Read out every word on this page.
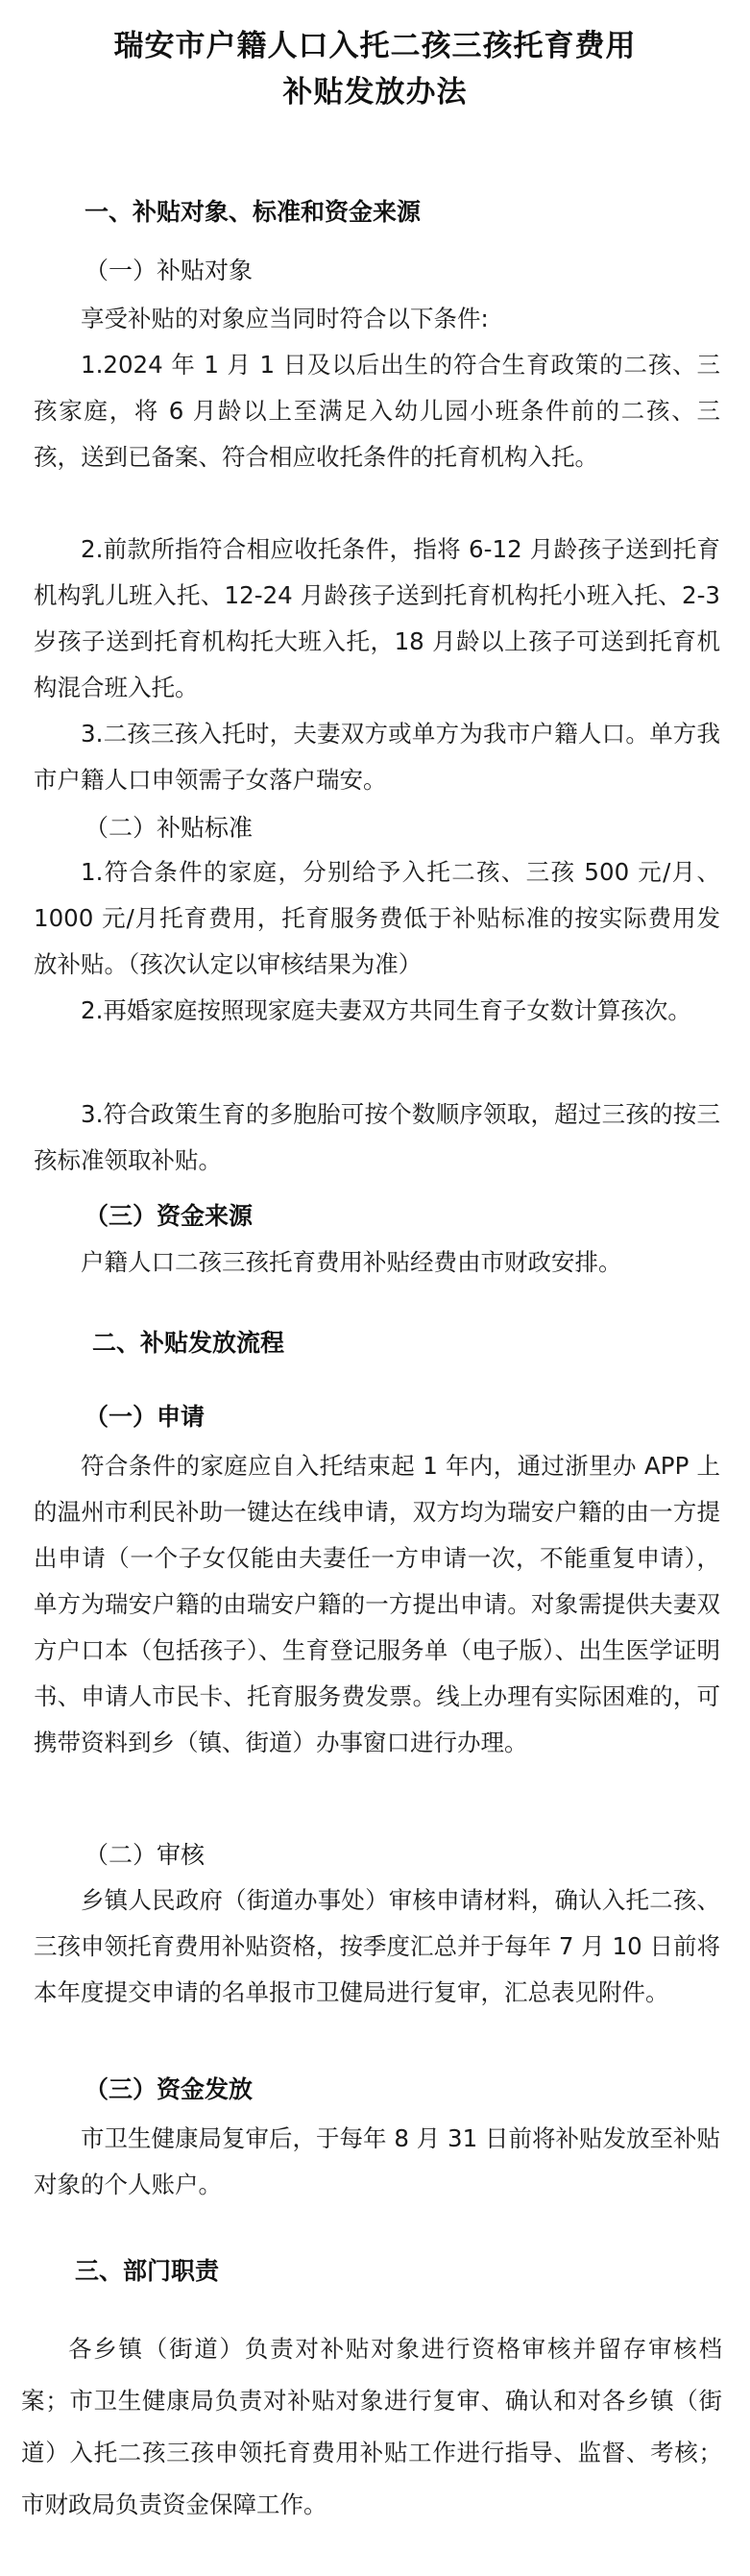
瑞安市户籍人口入托二孩三孩托育费用
补贴发放办法
一、补贴对象、标准和资金来源
（一）补贴对象

享受补贴的对象应当同时符合以下条件:

1.2024 年 1 月 1 日及以后出生的符合生育政策的二孩、三孩家庭，将 6 月龄以上至满足入幼儿园小班条件前的二孩、三孩，送到已备案、符合相应收托条件的托育机构入托。

2.前款所指符合相应收托条件，指将 6-12 月龄孩子送到托育机构乳儿班入托、12-24 月龄孩子送到托育机构托小班入托、2-3 岁孩子送到托育机构托大班入托，18 月龄以上孩子可送到托育机构混合班入托。

3.二孩三孩入托时，夫妻双方或单方为我市户籍人口。单方我市户籍人口申领需子女落户瑞安。

（二）补贴标准

1.符合条件的家庭，分别给予入托二孩、三孩 500 元/月、1000 元/月托育费用，托育服务费低于补贴标准的按实际费用发放补贴。（孩次认定以审核结果为准）

2.再婚家庭按照现家庭夫妻双方共同生育子女数计算孩次。

3.符合政策生育的多胞胎可按个数顺序领取，超过三孩的按三孩标准领取补贴。

（三）资金来源

户籍人口二孩三孩托育费用补贴经费由市财政安排。

二、补贴发放流程
（一）申请

符合条件的家庭应自入托结束起 1 年内，通过浙里办 APP 上的温州市利民补助一键达在线申请，双方均为瑞安户籍的由一方提出申请（一个子女仅能由夫妻任一方申请一次，不能重复申请），单方为瑞安户籍的由瑞安户籍的一方提出申请。对象需提供夫妻双方户口本（包括孩子）、生育登记服务单（电子版）、出生医学证明书、申请人市民卡、托育服务费发票。线上办理有实际困难的，可携带资料到乡（镇、街道）办事窗口进行办理。

（二）审核

乡镇人民政府（街道办事处）审核申请材料，确认入托二孩、三孩申领托育费用补贴资格，按季度汇总并于每年 7 月 10 日前将本年度提交申请的名单报市卫健局进行复审，汇总表见附件。

（三）资金发放

市卫生健康局复审后，于每年 8 月 31 日前将补贴发放至补贴对象的个人账户。

三、部门职责

各乡镇（街道）负责对补贴对象进行资格审核并留存审核档案；市卫生健康局负责对补贴对象进行复审、确认和对各乡镇（街道）入托二孩三孩申领托育费用补贴工作进行指导、监督、考核；市财政局负责资金保障工作。
